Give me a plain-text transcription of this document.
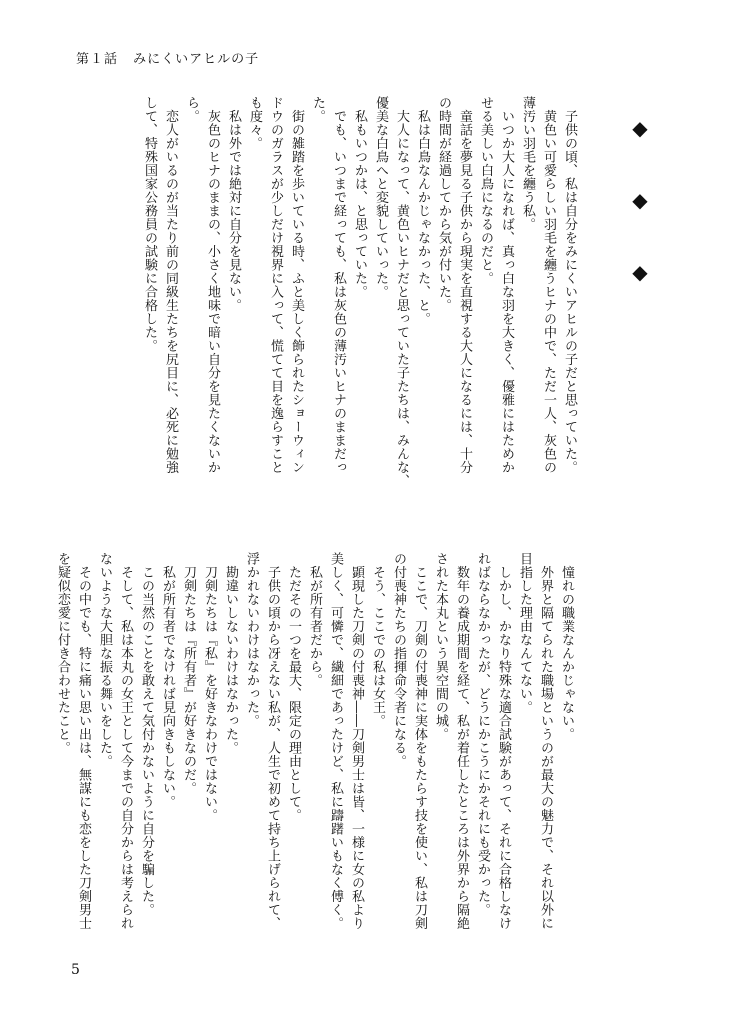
第１話 みにくいアヒルの子
◆
◆
◆
　子供の頃、私は自分をみにくいアヒルの子だと思っていた。
　黄色い可愛らしい羽毛を纏うヒナの中で、ただ一人、灰色の
薄汚い羽毛を纏う私。
　いつか大人になれば、真っ白な羽を大きく、優雅にはためか
せる美しい白鳥になるのだと。
　童話を夢見る子供から現実を直視する大人になるには、十分
の時間が経過してから気が付いた。
　私は白鳥なんかじゃなかった、と。
　大人になって、黄色いヒナだと思っていた子たちは、みんな、
優美な白鳥へと変貌していった。
　私もいつかは、と思っていた。
　でも、いつまで経っても、私は灰色の薄汚いヒナのままだっ
た。
　街の雑踏を歩いている時、ふと美しく飾られたショーウィン
ドウのガラスが少しだけ視界に入って、慌てて目を逸らすこと
も度々。
　私は外では絶対に自分を見ない。
　灰色のヒナのままの、小さく地味で暗い自分を見たくないか
ら。
　恋人がいるのが当たり前の同級生たちを尻目に、必死に勉強
して、特殊国家公務員の試験に合格した。
　憧れの職業なんかじゃない。
　外界と隔てられた職場というのが最大の魅力で、それ以外に
目指した理由なんてない。
　しかし、かなり特殊な適合試験があって、それに合格しなけ
ればならなかったが、どうにかこうにかそれにも受かった。
　数年の養成期間を経て、私が着任したところは外界から隔絶
された本丸という異空間の城。
　ここで、刀剣の付喪神に実体をもたらす技を使い、私は刀剣
の付喪神たちの指揮命令者になる。
　そう、ここでの私は女王。
　顕現した刀剣の付喪神――刀剣男士は皆、一様に女の私より
美しく、可憐で、繊細であったけど、私に躊躇いもなく傅く。
　私が所有者だから。
　ただその一つを最大、限定の理由として。
　子供の頃から冴えない私が、人生で初めて持ち上げられて、
浮かれないわけはなかった。
　勘違いしないわけはなかった。
　刀剣たちは『私』を好きなわけではない。
　刀剣たちは『所有者』が好きなのだ。
　私が所有者でなければ見向きもしない。
　この当然のことを敢えて気付かないように自分を騙した。
　そして、私は本丸の女王として今までの自分からは考えられ
ないような大胆な振る舞いをした。
　その中でも、特に痛い思い出は、無謀にも恋をした刀剣男士
を疑似恋愛に付き合わせたこと。
5
